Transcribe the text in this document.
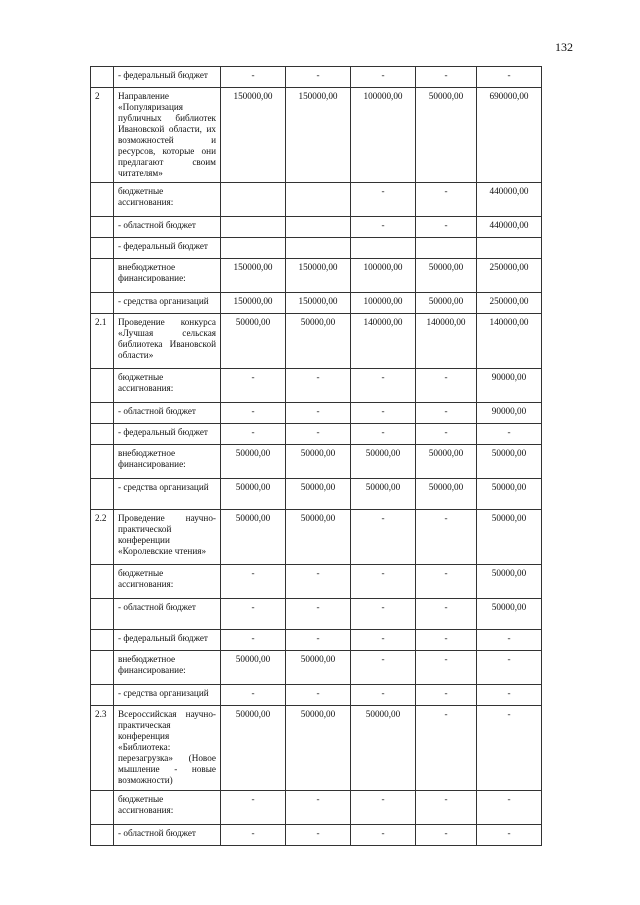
132
	- федеральный бюджет	-	-	-	-	-
2	Направление «Популяризация публичных библиотек Ивановской области, их возможностей и ресурсов, которые они предлагают своим читателям»	150000,00	150000,00	100000,00	50000,00	690000,00
	бюджетные ассигнования:			-	-	440000,00
	- областной бюджет			-	-	440000,00
	- федеральный бюджет					
	внебюджетное финансирование:	150000,00	150000,00	100000,00	50000,00	250000,00
	- средства организаций	150000,00	150000,00	100000,00	50000,00	250000,00
2.1	Проведение конкурса «Лучшая сельская библиотека Ивановской области»	50000,00	50000,00	140000,00	140000,00	140000,00
	бюджетные ассигнования:	-	-	-	-	90000,00
	- областной бюджет	-	-	-	-	90000,00
	- федеральный бюджет	-	-	-	-	-
	внебюджетное финансирование:	50000,00	50000,00	50000,00	50000,00	50000,00
	- средства организаций	50000,00	50000,00	50000,00	50000,00	50000,00
2.2	Проведение научно-практической конференции «Королевские чтения»	50000,00	50000,00	-	-	50000,00
	бюджетные ассигнования:	-	-	-	-	50000,00
	- областной бюджет	-	-	-	-	50000,00
	- федеральный бюджет	-	-	-	-	-
	внебюджетное финансирование:	50000,00	50000,00	-	-	-
	- средства организаций	-	-	-	-	-
2.3	Всероссийская научно-практическая конференция «Библиотека: перезагрузка» (Новое мышление - новые возможности)	50000,00	50000,00	50000,00	-	-
	бюджетные ассигнования:	-	-	-	-	-
	- областной бюджет	-	-	-	-	-
